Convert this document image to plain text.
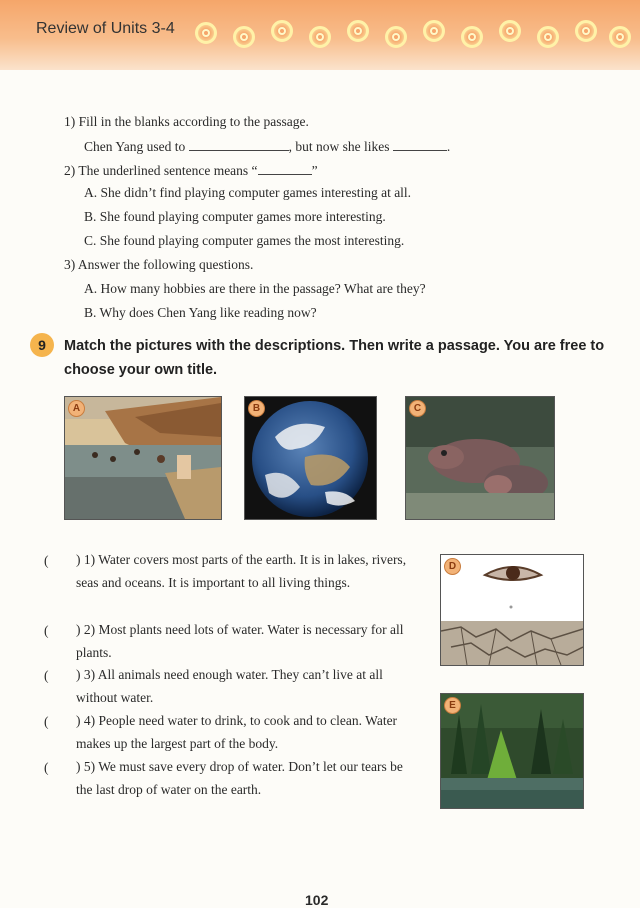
Review of Units 3-4
1) Fill in the blanks according to the passage.
Chen Yang used to	, but now she likes	.
2) The underlined sentence means “	”
A. She didn’t find playing computer games interesting at all.
B. She found playing computer games more interesting.
C. She found playing computer games the most interesting.
3) Answer the following questions.
A. How many hobbies are there in the passage? What are they?
B. Why does Chen Yang like reading now?
9	Match the pictures with the descriptions. Then write a passage. You are free to choose your own title.
A	B	C
D
E
( ) 1) Water covers most parts of the earth. It is in lakes, rivers, seas and oceans. It is important to all living things.
( ) 2) Most plants need lots of water. Water is necessary for all plants.
( ) 3) All animals need enough water. They can’t live at all without water.
( ) 4) People need water to drink, to cook and to clean. Water makes up the largest part of the body.
( ) 5) We must save every drop of water. Don’t let our tears be the last drop of water on the earth.
102
